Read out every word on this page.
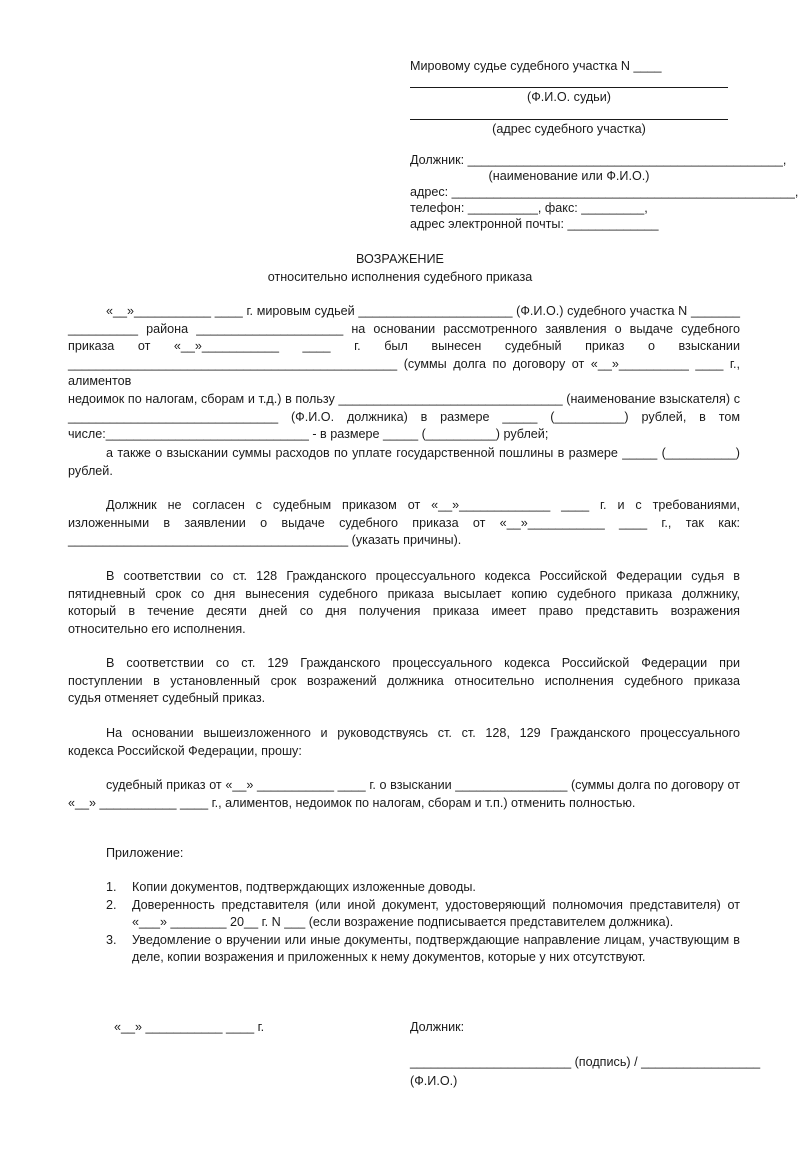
Мировому судье судебного участка N ____
(Ф.И.О. судьи)
(адрес судебного участка)
Должник: _____________________________________________,
(наименование или Ф.И.О.)
адрес: _________________________________________________,
телефон: __________, факс: _________,
адрес электронной почты: _____________
ВОЗРАЖЕНИЕ
относительно исполнения судебного приказа
«__»___________ ____ г. мировым судьей ______________________ (Ф.И.О.) судебного участка N _______
__________ района _____________________ на основании рассмотренного заявления о выдаче судебного
приказа от «__»___________ ____ г. был вынесен судебный приказ о взыскании
_______________________________________________ (суммы долга по договору от «__»__________ ____ г., алиментов
недоимок по налогам, сборам и т.д.) в пользу ________________________________ (наименование взыскателя) с
______________________________ (Ф.И.О. должника) в размере _____ (__________) рублей, в том
числе:_____________________________ - в размере _____ (__________) рублей;
а также о взыскании суммы расходов по уплате государственной пошлины в размере _____ (__________)
рублей.
Должник не согласен с судебным приказом от «__»_____________ ____ г. и с требованиями,
изложенными в заявлении о выдаче судебного приказа от «__»___________ ____ г., так как:
________________________________________ (указать причины).
В соответствии со ст. 128 Гражданского процессуального кодекса Российской Федерации судья в
пятидневный срок со дня вынесения судебного приказа высылает копию судебного приказа должнику,
который в течение десяти дней со дня получения приказа имеет право представить возражения
относительно его исполнения.
В соответствии со ст. 129 Гражданского процессуального кодекса Российской Федерации при
поступлении в установленный срок возражений должника относительно исполнения судебного приказа
судья отменяет судебный приказ.
На основании вышеизложенного и руководствуясь ст. ст. 128, 129 Гражданского процессуального
кодекса Российской Федерации, прошу:
судебный приказ от «__» ___________ ____ г. о взыскании ________________ (суммы долга по договору от
«__» ___________ ____ г., алиментов, недоимок по налогам, сборам и т.п.) отменить полностью.
Приложение:
1. Копии документов, подтверждающих изложенные доводы.
2. Доверенность представителя (или иной документ, удостоверяющий полномочия представителя) от «___» ________ 20__ г. N ___ (если возражение подписывается представителем должника).
3. Уведомление о вручении или иные документы, подтверждающие направление лицам, участвующим в деле, копии возражения и приложенных к нему документов, которые у них отсутствуют.
«__» ___________ ____ г.	Должник:
_______________________ (подпись) / _________________
(Ф.И.О.)
